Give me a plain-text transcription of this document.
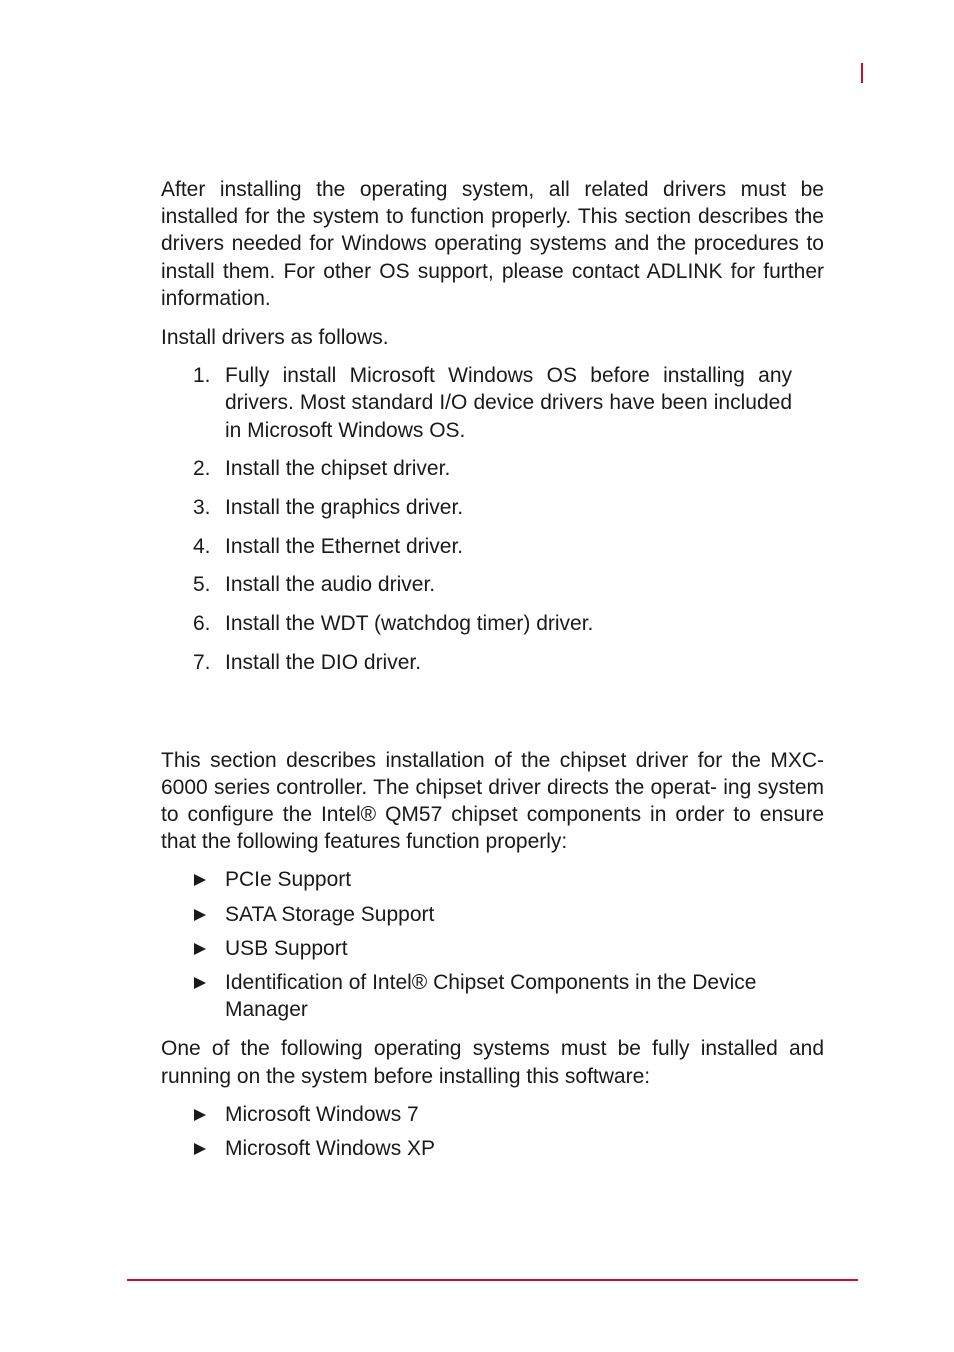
After installing the operating system, all related drivers must be installed for the system to function properly. This section describes the drivers needed for Windows operating systems and the procedures to install them. For other OS support, please contact ADLINK for further information.

Install drivers as follows.

1. Fully install Microsoft Windows OS before installing any drivers. Most standard I/O device drivers have been included in Microsoft Windows OS.
2. Install the chipset driver.
3. Install the graphics driver.
4. Install the Ethernet driver.
5. Install the audio driver.
6. Install the WDT (watchdog timer) driver.
7. Install the DIO driver.

This section describes installation of the chipset driver for the MXC-6000 series controller. The chipset driver directs the operat- ing system to configure the Intel® QM57 chipset components in order to ensure that the following features function properly:

PCIe Support
SATA Storage Support
USB Support
Identification of Intel® Chipset Components in the Device Manager

One of the following operating systems must be fully installed and running on the system before installing this software:

Microsoft Windows 7
Microsoft Windows XP
